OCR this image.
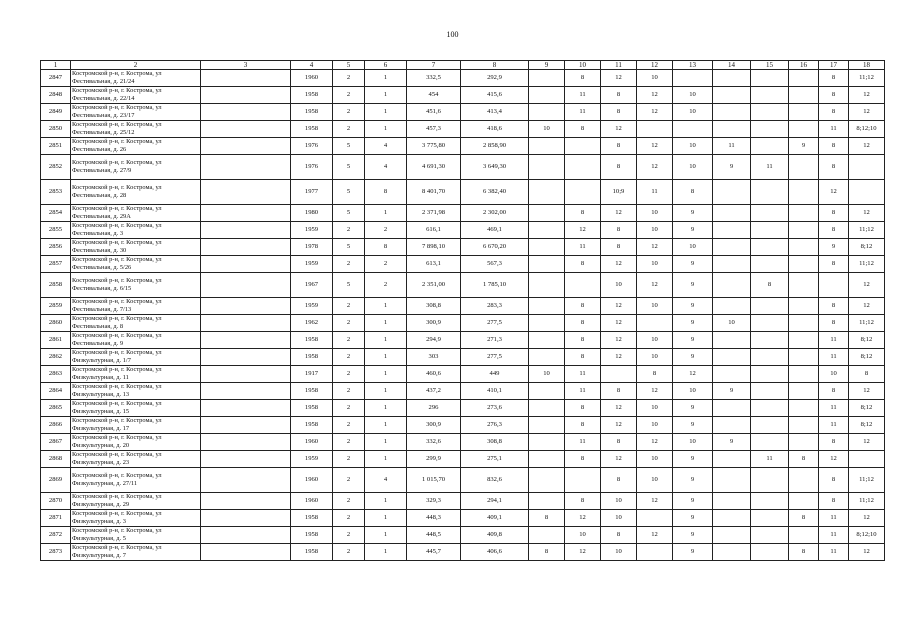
100
1	2	3	4	5	6	7	8	9	10	11	12	13	14	15	16	17	18
2847	Костромской р-н, г. Кострома, ул Фестивальная, д. 21/24		1960	2	1	332,5	292,9		8	12	10					8	11;12
2848	Костромской р-н, г. Кострома, ул Фестивальная, д. 22/14		1958	2	1	454	415,6		11	8	12	10				8	12
2849	Костромской р-н, г. Кострома, ул Фестивальная, д. 23/17		1958	2	1	451,6	413,4		11	8	12	10				8	12
2850	Костромской р-н, г. Кострома, ул Фестивальная, д. 25/12		1958	2	1	457,3	418,6	10	8	12						11	8;12;10
2851	Костромской р-н, г. Кострома, ул Фестивальная, д. 26		1976	5	4	3 775,80	2 858,90			8	12	10	11		9	8	12
2852	Костромской р-н, г. Кострома, ул Фестивальная, д. 27/9		1976	5	4	4 691,30	3 649,30			8	12	10	9	11		8	
2853	Костромской р-н, г. Кострома, ул Фестивальная, д. 28		1977	5	8	8 401,70	6 382,40			10;9	11	8				12	
2854	Костромской р-н, г. Кострома, ул Фестивальная, д. 29А		1980	5	1	2 371,98	2 302,00		8	12	10	9				8	12
2855	Костромской р-н, г. Кострома, ул Фестивальная, д. 3		1959	2	2	616,1	469,1		12	8	10	9				8	11;12
2856	Костромской р-н, г. Кострома, ул Фестивальная, д. 30		1978	5	8	7 898,10	6 670,20		11	8	12	10				9	8;12
2857	Костромской р-н, г. Кострома, ул Фестивальная, д. 5/26		1959	2	2	613,1	567,3		8	12	10	9				8	11;12
2858	Костромской р-н, г. Кострома, ул Фестивальная, д. 6/15		1967	5	2	2 351,00	1 785,10			10	12	9		8			12
2859	Костромской р-н, г. Кострома, ул Фестивальная, д. 7/13		1959	2	1	308,8	283,3		8	12	10	9				8	12
2860	Костромской р-н, г. Кострома, ул Фестивальная, д. 8		1962	2	1	300,9	277,5		8	12		9	10			8	11;12
2861	Костромской р-н, г. Кострома, ул Фестивальная, д. 9		1958	2	1	294,9	271,3		8	12	10	9				11	8;12
2862	Костромской р-н, г. Кострома, ул Физкультурная, д. 1/7		1958	2	1	303	277,5		8	12	10	9				11	8;12
2863	Костромской р-н, г. Кострома, ул Физкультурная, д. 11		1917	2	1	460,6	449	10	11		8	12				10	8
2864	Костромской р-н, г. Кострома, ул Физкультурная, д. 13		1958	2	1	437,2	410,1		11	8	12	10	9			8	12
2865	Костромской р-н, г. Кострома, ул Физкультурная, д. 15		1958	2	1	296	273,6		8	12	10	9				11	8;12
2866	Костромской р-н, г. Кострома, ул Физкультурная, д. 17		1958	2	1	300,9	276,3		8	12	10	9				11	8;12
2867	Костромской р-н, г. Кострома, ул Физкультурная, д. 20		1960	2	1	332,6	308,8		11	8	12	10	9			8	12
2868	Костромской р-н, г. Кострома, ул Физкультурная, д. 23		1959	2	1	299,9	275,1		8	12	10	9		11	8	12	
2869	Костромской р-н, г. Кострома, ул Физкультурная, д. 27/11		1960	2	4	1 015,70	832,6			8	10	9				8	11;12
2870	Костромской р-н, г. Кострома, ул Физкультурная, д. 29		1960	2	1	329,3	294,1		8	10	12	9				8	11;12
2871	Костромской р-н, г. Кострома, ул Физкультурная, д. 3		1958	2	1	448,3	409,1	8	12	10		9			8	11	12
2872	Костромской р-н, г. Кострома, ул Физкультурная, д. 5		1958	2	1	448,5	409,8		10	8	12	9				11	8;12;10
2873	Костромской р-н, г. Кострома, ул Физкультурная, д. 7		1958	2	1	445,7	406,6	8	12	10		9			8	11	12
